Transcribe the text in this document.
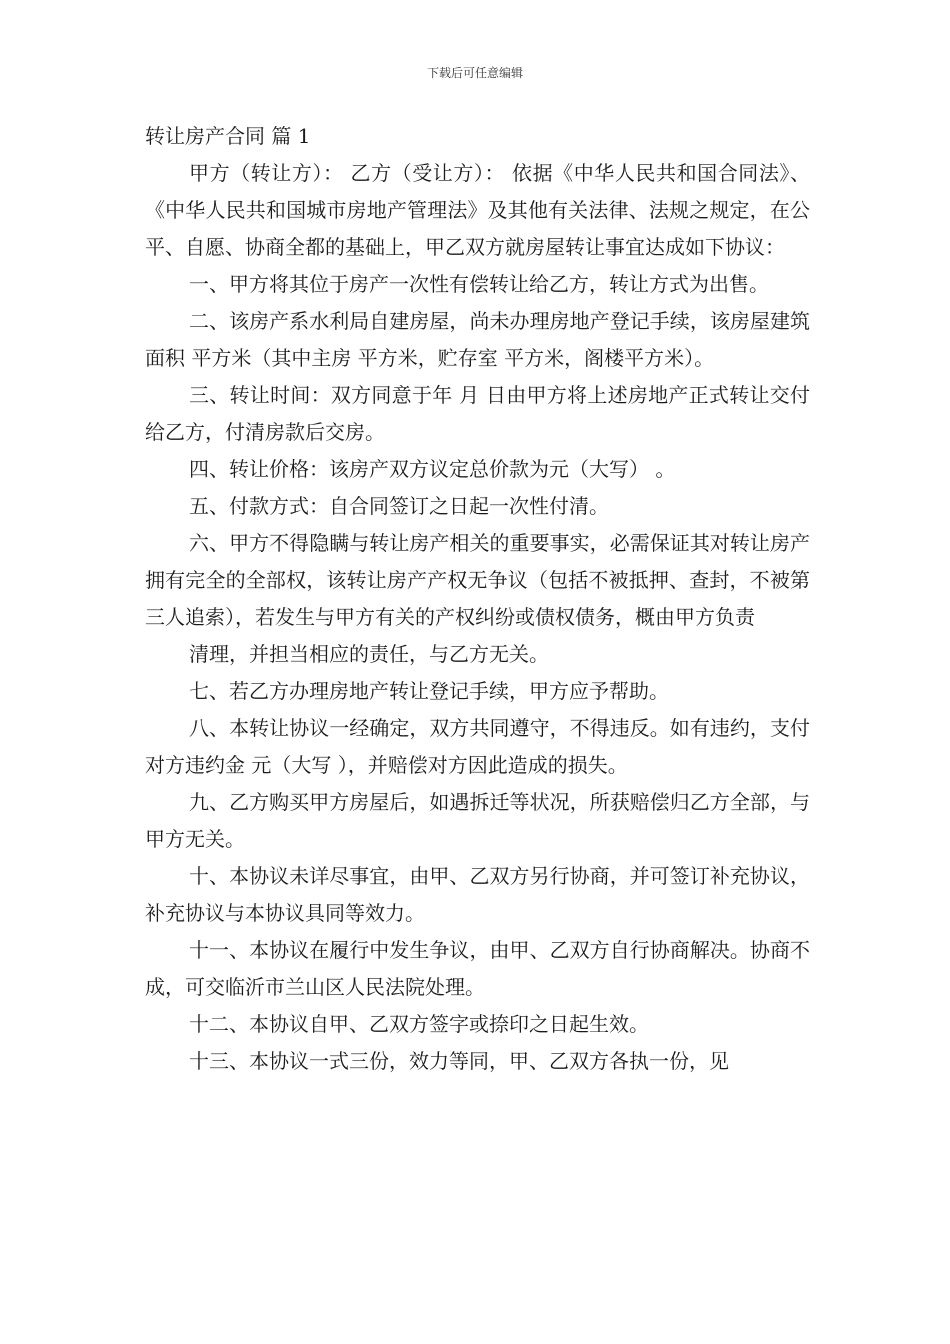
下载后可任意编辑
转让房产合同 篇 1

甲方（转让方）： 乙方（受让方）： 依据《中华人民共和国合同法》、《中华人民共和国城市房地产管理法》及其他有关法律、法规之规定，在公平、自愿、协商全都的基础上，甲乙双方就房屋转让事宜达成如下协议：

一、甲方将其位于房产一次性有偿转让给乙方，转让方式为出售。

二、该房产系水利局自建房屋，尚未办理房地产登记手续，该房屋建筑面积 平方米（其中主房 平方米，贮存室 平方米，阁楼平方米）。

三、转让时间：双方同意于年 月 日由甲方将上述房地产正式转让交付给乙方，付清房款后交房。

四、转让价格：该房产双方议定总价款为元（大写） 。

五、付款方式：自合同签订之日起一次性付清。

六、甲方不得隐瞒与转让房产相关的重要事实，必需保证其对转让房产拥有完全的全部权，该转让房产产权无争议（包括不被抵押、查封，不被第三人追索），若发生与甲方有关的产权纠纷或债权债务，概由甲方负责

清理，并担当相应的责任，与乙方无关。

七、若乙方办理房地产转让登记手续，甲方应予帮助。

八、本转让协议一经确定，双方共同遵守，不得违反。如有违约，支付对方违约金 元（大写 ），并赔偿对方因此造成的损失。

九、乙方购买甲方房屋后，如遇拆迁等状况，所获赔偿归乙方全部，与甲方无关。

十、本协议未详尽事宜，由甲、乙双方另行协商，并可签订补充协议，补充协议与本协议具同等效力。

十一、本协议在履行中发生争议，由甲、乙双方自行协商解决。协商不成，可交临沂市兰山区人民法院处理。

十二、本协议自甲、乙双方签字或捺印之日起生效。

十三、本协议一式三份，效力等同，甲、乙双方各执一份，见
